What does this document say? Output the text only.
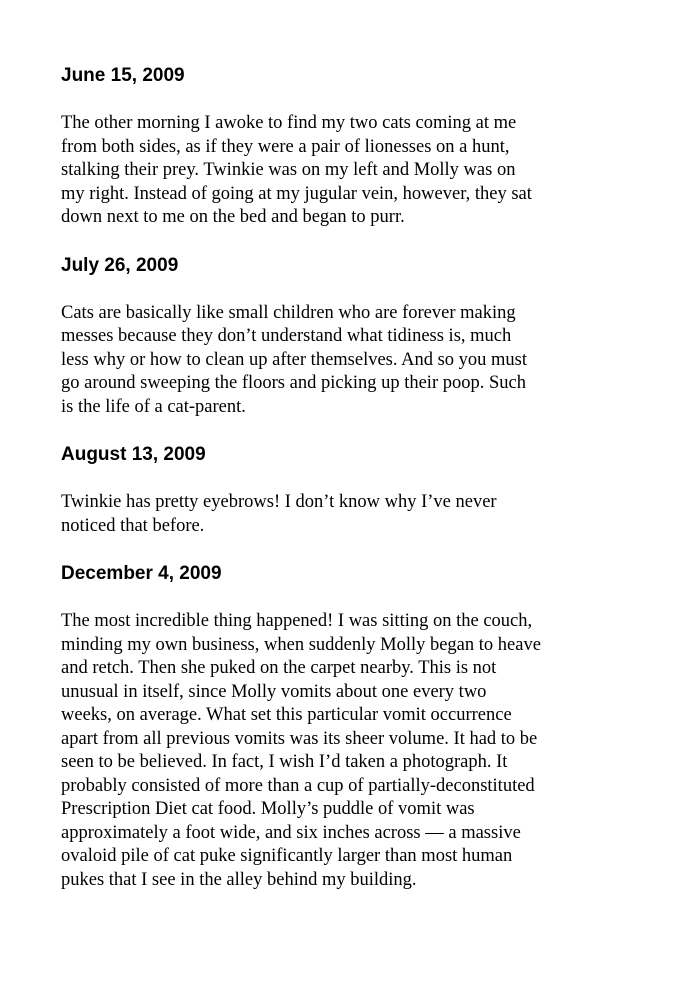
June 15, 2009

The other morning I awoke to find my two cats coming at me
from both sides, as if they were a pair of lionesses on a hunt,
stalking their prey. Twinkie was on my left and Molly was on
my right. Instead of going at my jugular vein, however, they sat
down next to me on the bed and began to purr.

July 26, 2009

Cats are basically like small children who are forever making
messes because they don’t understand what tidiness is, much
less why or how to clean up after themselves. And so you must
go around sweeping the floors and picking up their poop. Such
is the life of a cat-parent.

August 13, 2009

Twinkie has pretty eyebrows! I don’t know why I’ve never
noticed that before.

December 4, 2009

The most incredible thing happened! I was sitting on the couch,
minding my own business, when suddenly Molly began to heave
and retch. Then she puked on the carpet nearby. This is not
unusual in itself, since Molly vomits about one every two
weeks, on average. What set this particular vomit occurrence
apart from all previous vomits was its sheer volume. It had to be
seen to be believed. In fact, I wish I’d taken a photograph. It
probably consisted of more than a cup of partially-deconstituted
Prescription Diet cat food. Molly’s puddle of vomit was
approximately a foot wide, and six inches across — a massive
ovaloid pile of cat puke significantly larger than most human
pukes that I see in the alley behind my building.
